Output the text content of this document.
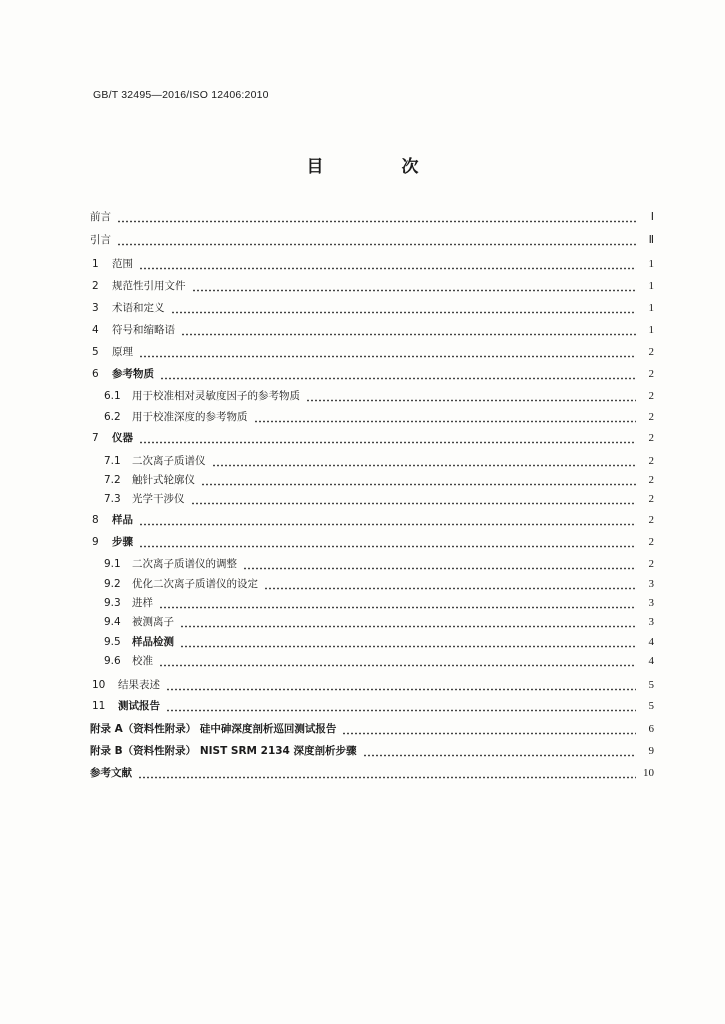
GB/T 32495—2016/ISO 12406:2010
目 次
前言	Ⅰ
引言	Ⅱ
1	范围	1
2	规范性引用文件	1
3	术语和定义	1
4	符号和缩略语	1
5	原理	2
6	参考物质	2
6.1	用于校准相对灵敏度因子的参考物质	2
6.2	用于校准深度的参考物质	2
7	仪器	2
7.1	二次离子质谱仪	2
7.2	触针式轮廓仪	2
7.3	光学干涉仪	2
8	样品	2
9	步骤	2
9.1	二次离子质谱仪的调整	2
9.2	优化二次离子质谱仪的设定	3
9.3	进样	3
9.4	被测离子	3
9.5	样品检测	4
9.6	校准	4
10	结果表述	5
11	测试报告	5
附录 A（资料性附录） 硅中砷深度剖析巡回测试报告	6
附录 B（资料性附录） NIST SRM 2134 深度剖析步骤	9
参考文献	10
